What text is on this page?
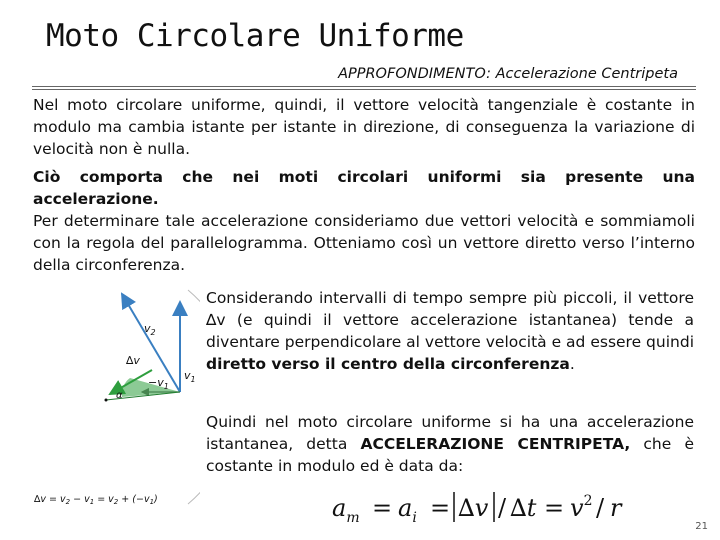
Moto Circolare Uniforme
APPROFONDIMENTO: Accelerazione Centripeta

Nel moto circolare uniforme, quindi, il vettore velocità tangenziale è costante in modulo ma cambia istante per istante in direzione, di conseguenza la variazione di velocità non è nulla.

Ciò comporta che nei moti circolari uniformi sia presente una accelerazione.

Per determinare tale accelerazione consideriamo due vettori velocità e sommiamoli con la regola del parallelogramma. Otteniamo così un vettore diretto verso l’interno della circonferenza.

Considerando intervalli di tempo sempre più piccoli, il vettore ∆v (e quindi il vettore accelerazione istantanea) tende a diventare perpendicolare al vettore velocità e ad essere quindi diretto verso il centro della circonferenza.

Quindi nel moto circolare uniforme si ha una accelerazione istantanea, detta ACCELERAZIONE CENTRIPETA, che è costante in modulo ed è data da:

$v_2$
∆v
$-v_1$
$v_1$
α
$\Delta v = v_2 - v_1 = v_2 + (-v_1)$	$a_m = a_i = \Delta v / \Delta t = v^2 / r$
21
